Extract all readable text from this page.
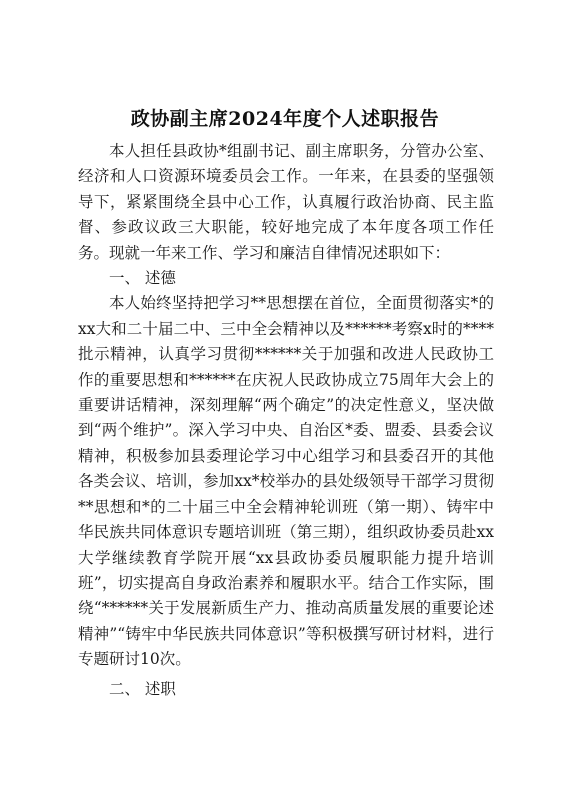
政协副主席2024年度个人述职报告

本人担任县政协*组副书记、副主席职务，分管办公室、经济和人口资源环境委员会工作。一年来，在县委的坚强领导下，紧紧围绕全县中心工作，认真履行政治协商、民主监督、参政议政三大职能，较好地完成了本年度各项工作任务。现就一年来工作、学习和廉洁自律情况述职如下：

一、 述德

本人始终坚持把学习**思想摆在首位，全面贯彻落实*的xx大和二十届二中、三中全会精神以及******考察x时的****批示精神，认真学习贯彻******关于加强和改进人民政协工作的重要思想和******在庆祝人民政协成立75周年大会上的重要讲话精神，深刻理解“两个确定”的决定性意义，坚决做到“两个维护”。深入学习中央、自治区*委、盟委、县委会议精神，积极参加县委理论学习中心组学习和县委召开的其他各类会议、培训，参加xx*校举办的县处级领导干部学习贯彻**思想和*的二十届三中全会精神轮训班（第一期）、铸牢中华民族共同体意识专题培训班（第三期），组织政协委员赴xx大学继续教育学院开展“xx县政协委员履职能力提升培训班”，切实提高自身政治素养和履职水平。结合工作实际，围绕“******关于发展新质生产力、推动高质量发展的重要论述精神”“铸牢中华民族共同体意识”等积极撰写研讨材料，进行专题研讨10次。

二、 述职
